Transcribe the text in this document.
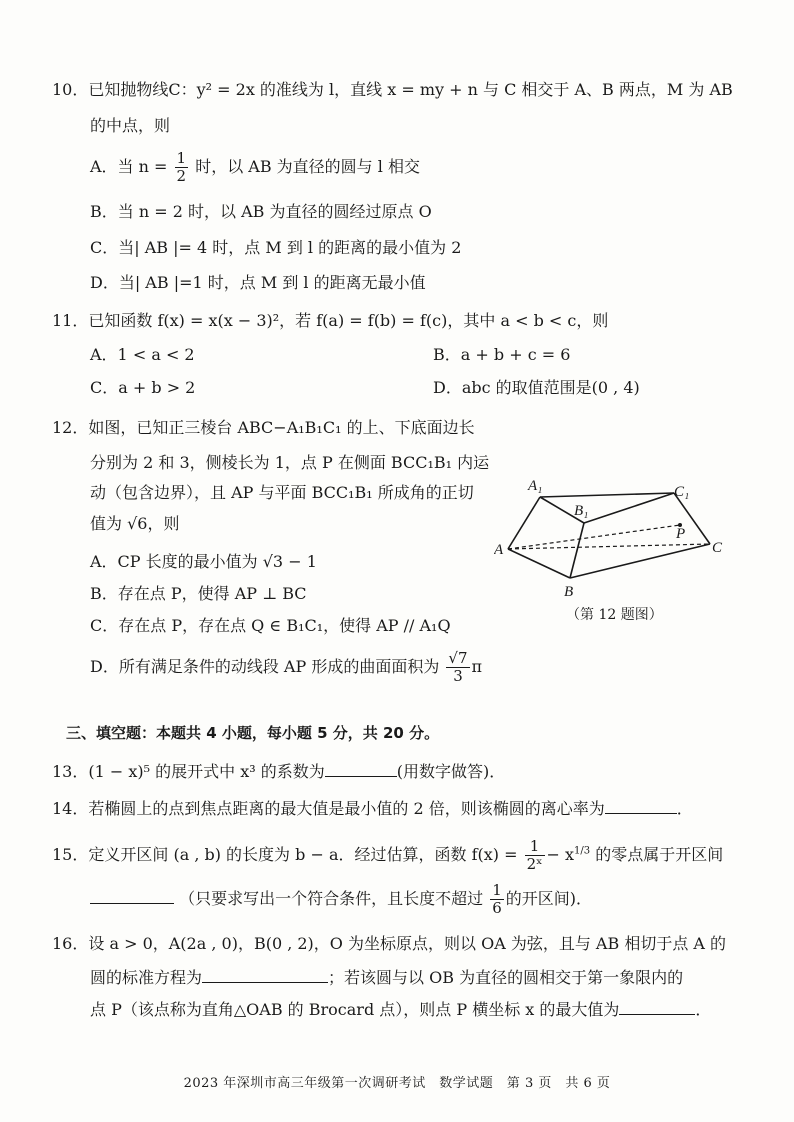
10．已知抛物线C：y² = 2x 的准线为 l，直线 x = my + n 与 C 相交于 A、B 两点，M 为 AB
的中点，则
A．当 $n = \frac{1}{2}$ 时，以 AB 为直径的圆与 l 相交
B．当 n = 2 时，以 AB 为直径的圆经过原点 O
C．当| AB |= 4 时，点 M 到 l 的距离的最小值为 2
D．当| AB |=1 时，点 M 到 l 的距离无最小值
11．已知函数 f(x) = x(x − 3)²，若 f(a) = f(b) = f(c)，其中 a < b < c，则
A．1 < a < 2	B．a + b + c = 6
C．a + b > 2	D．abc 的取值范围是(0 , 4)
12．如图，已知正三棱台 ABC−A₁B₁C₁ 的上、下底面边长
分别为 2 和 3，侧棱长为 1，点 P 在侧面 BCC₁B₁ 内运
动（包含边界），且 AP 与平面 BCC₁B₁ 所成角的正切
值为 √6，则
A．CP 长度的最小值为 √3 − 1
B．存在点 P，使得 AP ⊥ BC
C．存在点 P，存在点 Q ∈ B₁C₁，使得 AP // A₁Q
D．所有满足条件的动线段 AP 形成的曲面面积为 $\frac{√7}{3}$ π
A₁
B₁
C₁
A
B
C
P
（第 12 题图）
三、填空题：本题共 4 小题，每小题 5 分，共 20 分。
13．(1 − x)⁵ 的展开式中 x³ 的系数为	(用数字做答)．
14．若椭圆上的点到焦点距离的最大值是最小值的 2 倍，则该椭圆的离心率为	．
15．定义开区间 (a , b) 的长度为 b − a．经过估算，函数 $f(x) = \frac{1}{\text{2ˣ}} - x^{1/3}$ 的零点属于开区间
（只要求写出一个符合条件，且长度不超过 $\frac{1}{6}$ 的开区间)．
16．设 a > 0，A(2a , 0)，B(0 , 2)，O 为坐标原点，则以 OA 为弦，且与 AB 相切于点 A 的
圆的标准方程为	；若该圆与以 OB 为直径的圆相交于第一象限内的
点 P（该点称为直角△OAB 的 Brocard 点），则点 P 横坐标 x 的最大值为	．
2023 年深圳市高三年级第一次调研考试　数学试题　第 3 页　共 6 页
